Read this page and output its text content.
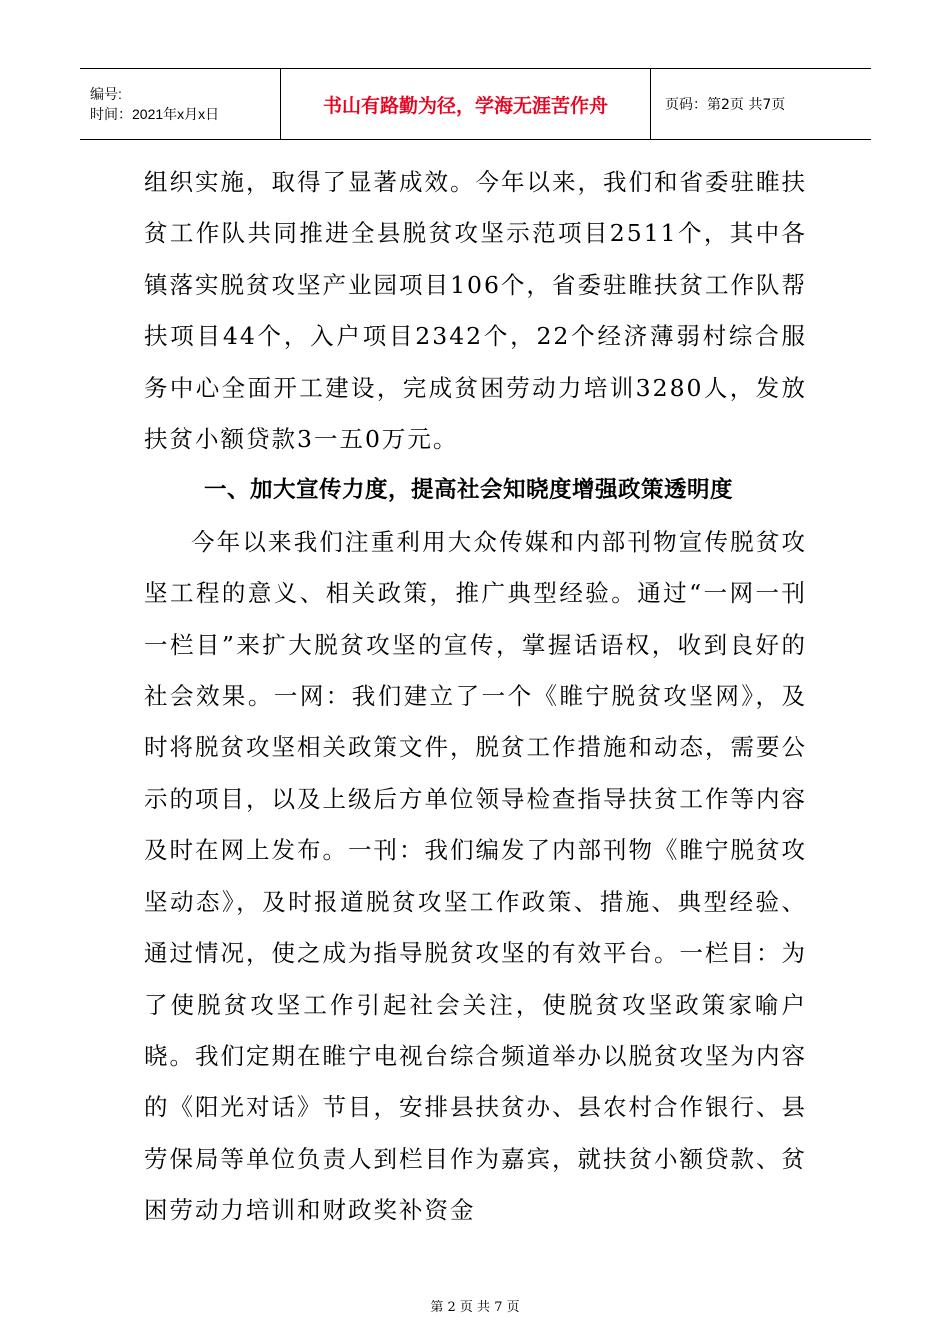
编号:
时间：2021年x月x日	书山有路勤为径，学海无涯苦作舟	页码：第2页 共7页

组织实施，取得了显著成效。今年以来，我们和省委驻睢扶贫工作队共同推进全县脱贫攻坚示范项目2511个，其中各镇落实脱贫攻坚产业园项目106个，省委驻睢扶贫工作队帮扶项目44个，入户项目2342个，22个经济薄弱村综合服务中心全面开工建设，完成贫困劳动力培训3280人，发放扶贫小额贷款3一五0万元。

一、加大宣传力度，提高社会知晓度增强政策透明度

今年以来我们注重利用大众传媒和内部刊物宣传脱贫攻坚工程的意义、相关政策，推广典型经验。通过“一网一刊一栏目”来扩大脱贫攻坚的宣传，掌握话语权，收到良好的社会效果。一网：我们建立了一个《睢宁脱贫攻坚网》，及时将脱贫攻坚相关政策文件，脱贫工作措施和动态，需要公示的项目，以及上级后方单位领导检查指导扶贫工作等内容及时在网上发布。一刊：我们编发了内部刊物《睢宁脱贫攻坚动态》，及时报道脱贫攻坚工作政策、措施、典型经验、通过情况，使之成为指导脱贫攻坚的有效平台。一栏目：为了使脱贫攻坚工作引起社会关注，使脱贫攻坚政策家喻户晓。我们定期在睢宁电视台综合频道举办以脱贫攻坚为内容的《阳光对话》节目，安排县扶贫办、县农村合作银行、县劳保局等单位负责人到栏目作为嘉宾，就扶贫小额贷款、贫困劳动力培训和财政奖补资金

第 2 页 共 7 页
